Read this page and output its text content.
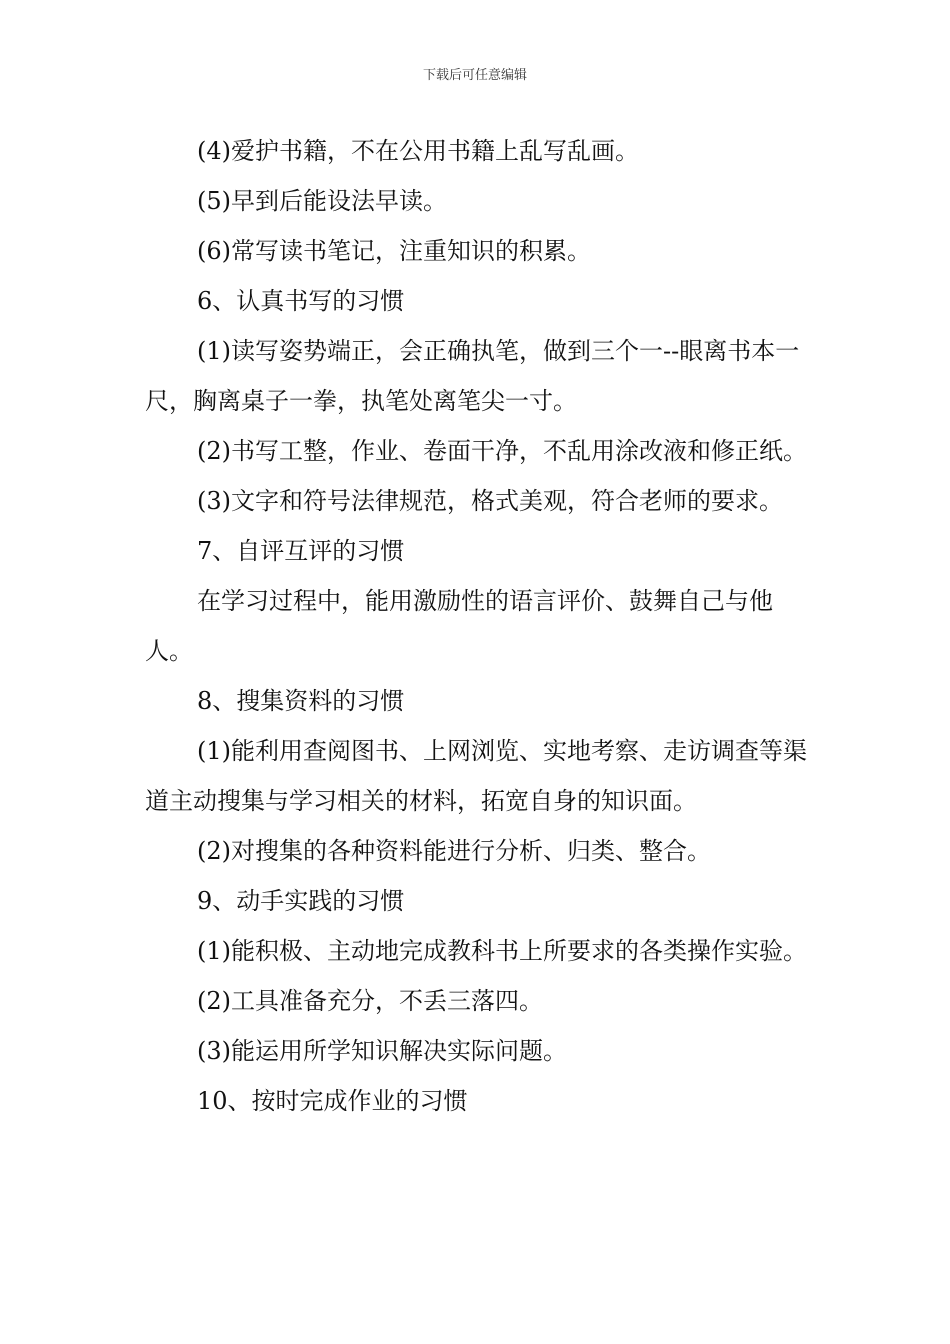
下载后可任意编辑

(4)爱护书籍，不在公用书籍上乱写乱画。

(5)早到后能设法早读。

(6)常写读书笔记，注重知识的积累。

6、认真书写的习惯

(1)读写姿势端正，会正确执笔，做到三个一--眼离书本一尺，胸离桌子一拳，执笔处离笔尖一寸。

(2)书写工整，作业、卷面干净，不乱用涂改液和修正纸。

(3)文字和符号法律规范，格式美观，符合老师的要求。

7、自评互评的习惯

在学习过程中，能用激励性的语言评价、鼓舞自己与他人。

8、搜集资料的习惯

(1)能利用查阅图书、上网浏览、实地考察、走访调查等渠道主动搜集与学习相关的材料，拓宽自身的知识面。

(2)对搜集的各种资料能进行分析、归类、整合。

9、动手实践的习惯

(1)能积极、主动地完成教科书上所要求的各类操作实验。

(2)工具准备充分，不丢三落四。

(3)能运用所学知识解决实际问题。

10、按时完成作业的习惯
